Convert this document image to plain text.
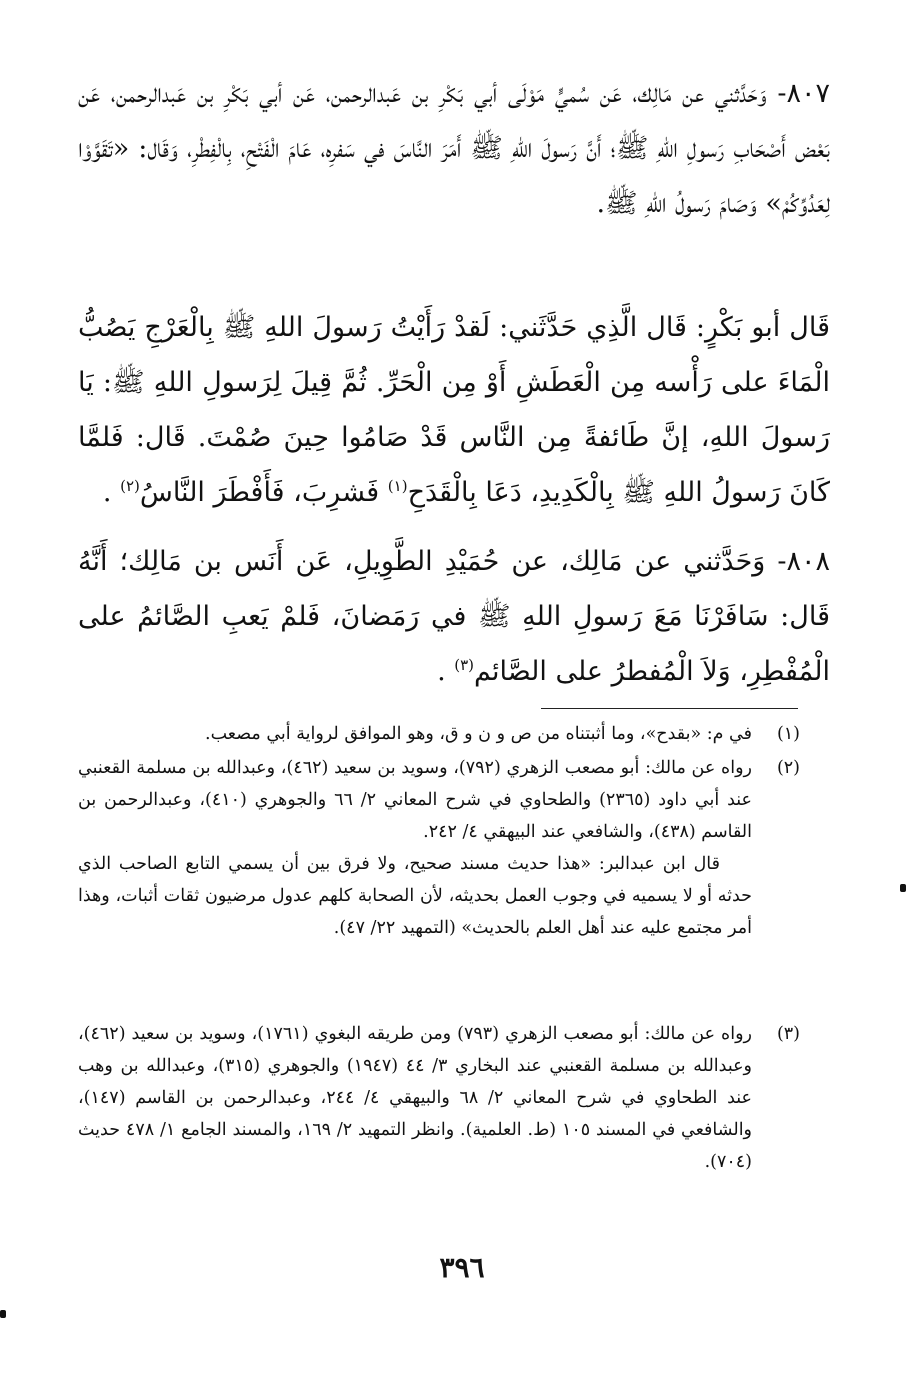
٨٠٧- وَحَدَّثني عن مَالِك، عَن سُميٍّ مَوْلَى أبي بَكْرِ بن عَبدالرحمن، عَن أبي بَكْرِ بن عَبدالرحمن، عَن بَعْض أَصْحَابِ رَسولِ اللهِ ﷺ؛ أَنَّ رَسولَ اللهِ ﷺ أَمَرَ النَّاسَ في سَفرِه، عَامَ الْفَتْحِ، بِالْفِطْرِ، وَقَال: «تَقَوَّوْا لِعَدُوِّكُمْ» وَصَامَ رَسولُ اللهِ ﷺ.
قَال أبو بَكْرٍ: قَال الَّذِي حَدَّثَني: لَقدْ رَأَيْتُ رَسولَ اللهِ ﷺ بِالْعَرْجِ يَصُبُّ الْمَاءَ على رَأْسه مِن الْعَطَشِ أَوْ مِن الْحَرِّ. ثُمَّ قِيلَ لِرَسولِ اللهِ ﷺ: يَا رَسولَ اللهِ، إنَّ طَائفةً مِن النَّاس قَدْ صَامُوا حِينَ صُمْتَ. قَال: فَلمَّا كَانَ رَسولُ اللهِ ﷺ بِالْكَدِيدِ، دَعَا بِالْقَدَحِ$^{(١)}$ فَشرِبَ، فَأَفْطَرَ النَّاسُ$^{(٢)}$ .
٨٠٨- وَحَدَّثني عن مَالِك، عن حُمَيْدِ الطَّوِيلِ، عَن أَنَس بن مَالِك؛ أَنَّهُ قَال: سَافَرْنَا مَعَ رَسولِ اللهِ ﷺ في رَمَضانَ، فَلمْ يَعبِ الصَّائمُ على الْمُفْطِرِ، وَلاَ الْمُفطرُ على الصَّائم$^{(٣)}$ .
(١)
في م: «بقدح»، وما أثبتناه من ص و ن و ق، وهو الموافق لرواية أبي مصعب.
(٢)
رواه عن مالك: أبو مصعب الزهري (٧٩٢)، وسويد بن سعيد (٤٦٢)، وعبدالله بن مسلمة القعنبي عند أبي داود (٢٣٦٥) والطحاوي في شرح المعاني ٢/ ٦٦ والجوهري (٤١٠)، وعبدالرحمن بن القاسم (٤٣٨)، والشافعي عند البيهقي ٤/ ٢٤٢.
قال ابن عبدالبر: «هذا حديث مسند صحيح، ولا فرق بين أن يسمي التابع الصاحب الذي حدثه أو لا يسميه في وجوب العمل بحديثه، لأن الصحابة كلهم عدول مرضيون ثقات أثبات، وهذا أمر مجتمع عليه عند أهل العلم بالحديث» (التمهيد ٢٢/ ٤٧).
(٣)
رواه عن مالك: أبو مصعب الزهري (٧٩٣) ومن طريقه البغوي (١٧٦١)، وسويد بن سعيد (٤٦٢)، وعبدالله بن مسلمة القعنبي عند البخاري ٣/ ٤٤ (١٩٤٧) والجوهري (٣١٥)، وعبدالله بن وهب عند الطحاوي في شرح المعاني ٢/ ٦٨ والبيهقي ٤/ ٢٤٤، وعبدالرحمن بن القاسم (١٤٧)، والشافعي في المسند ١٠٥ (ط. العلمية). وانظر التمهيد ٢/ ١٦٩، والمسند الجامع ١/ ٤٧٨ حديث (٧٠٤).
٣٩٦
